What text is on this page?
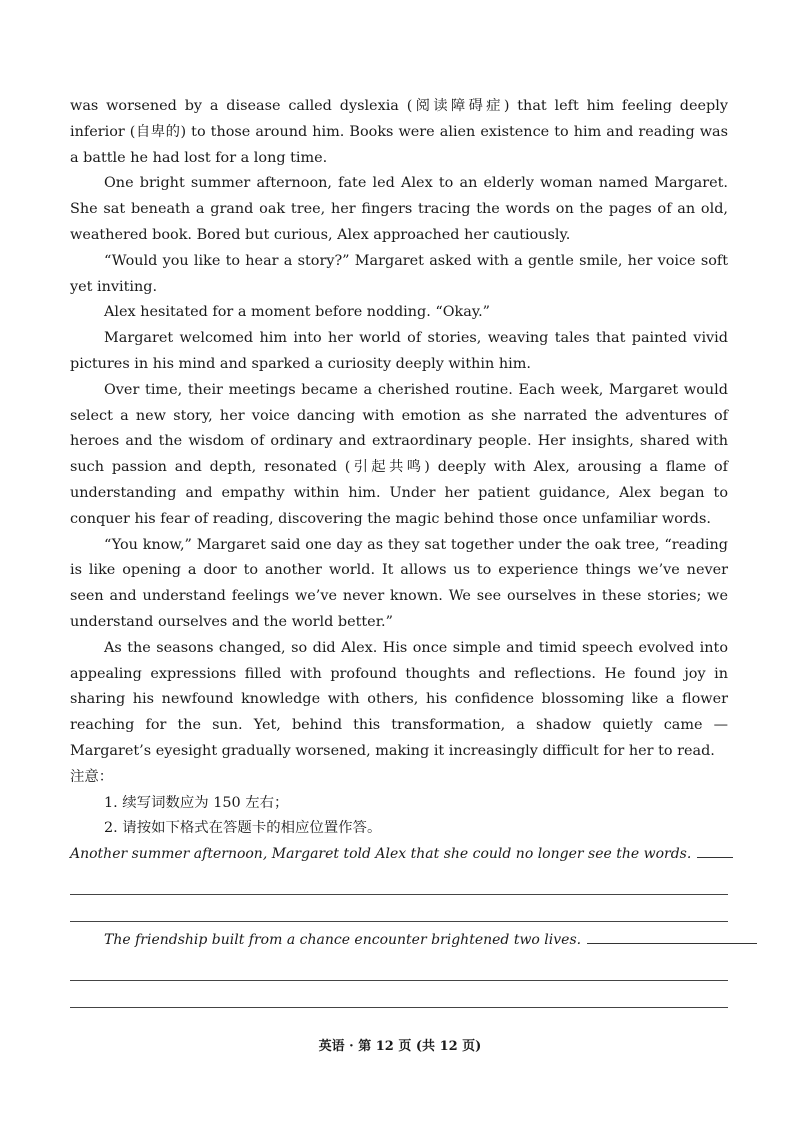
was worsened by a disease called dyslexia (阅读障碍症) that left him feeling deeply inferior (自卑的) to those around him. Books were alien existence to him and reading was a battle he had lost for a long time.

One bright summer afternoon, fate led Alex to an elderly woman named Margaret. She sat beneath a grand oak tree, her fingers tracing the words on the pages of an old, weathered book. Bored but curious, Alex approached her cautiously.

“Would you like to hear a story?” Margaret asked with a gentle smile, her voice soft yet inviting.

Alex hesitated for a moment before nodding. “Okay.”

Margaret welcomed him into her world of stories, weaving tales that painted vivid pictures in his mind and sparked a curiosity deeply within him.

Over time, their meetings became a cherished routine. Each week, Margaret would select a new story, her voice dancing with emotion as she narrated the adventures of heroes and the wisdom of ordinary and extraordinary people. Her insights, shared with such passion and depth, resonated (引起共鸣) deeply with Alex, arousing a flame of understanding and empathy within him. Under her patient guidance, Alex began to conquer his fear of reading, discovering the magic behind those once unfamiliar words.

“You know,” Margaret said one day as they sat together under the oak tree, “reading is like opening a door to another world. It allows us to experience things we’ve never seen and understand feelings we’ve never known. We see ourselves in these stories; we understand ourselves and the world better.”

As the seasons changed, so did Alex. His once simple and timid speech evolved into appealing expressions filled with profound thoughts and reflections. He found joy in sharing his newfound knowledge with others, his confidence blossoming like a flower reaching for the sun. Yet, behind this transformation, a shadow quietly came — Margaret’s eyesight gradually worsened, making it increasingly difficult for her to read.

注意：

1. 续写词数应为 150 左右；

2. 请按如下格式在答题卡的相应位置作答。

Another summer afternoon, Margaret told Alex that she could no longer see the words.
The friendship built from a chance encounter brightened two lives.
英语 · 第 12 页 (共 12 页)
